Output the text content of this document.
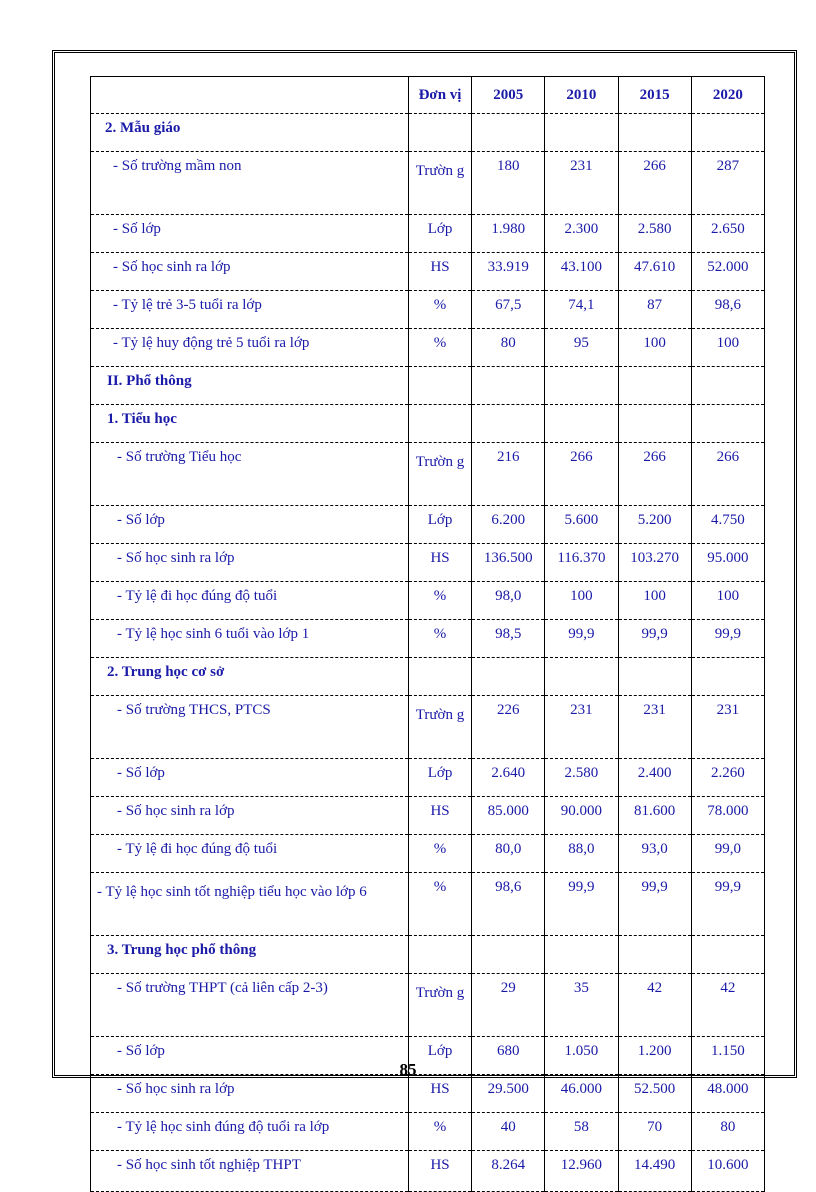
	Đơn vị	2005	2010	2015	2020
2. Mẫu giáo					
- Số trường mầm non	Trườn g	180	231	266	287
- Số lớp	Lớp	1.980	2.300	2.580	2.650
- Số học sinh ra lớp	HS	33.919	43.100	47.610	52.000
- Tỷ lệ trẻ 3-5 tuổi ra lớp	%	67,5	74,1	87	98,6
- Tỷ lệ huy động trẻ 5 tuổi ra lớp	%	80	95	100	100
II. Phổ thông					
1. Tiểu học					
- Số trường Tiểu học	Trườn g	216	266	266	266
- Số lớp	Lớp	6.200	5.600	5.200	4.750
- Số học sinh ra lớp	HS	136.500	116.370	103.270	95.000
- Tỷ lệ đi học đúng độ tuổi	%	98,0	100	100	100
- Tỷ lệ học sinh 6 tuổi vào lớp 1	%	98,5	99,9	99,9	99,9
2. Trung học cơ sở					
- Số trường THCS, PTCS	Trườn g	226	231	231	231
- Số lớp	Lớp	2.640	2.580	2.400	2.260
- Số học sinh ra lớp	HS	85.000	90.000	81.600	78.000
- Tỷ lệ đi học đúng độ tuổi	%	80,0	88,0	93,0	99,0
- Tỷ lệ học sinh tốt nghiệp tiểu học vào lớp 6	%	98,6	99,9	99,9	99,9
3. Trung học phổ thông					
- Số trường THPT (cả liên cấp 2-3)	Trườn g	29	35	42	42
- Số lớp	Lớp	680	1.050	1.200	1.150
- Số học sinh ra lớp	HS	29.500	46.000	52.500	48.000
- Tỷ lệ học sinh đúng độ tuổi ra lớp	%	40	58	70	80
- Số học sinh tốt nghiệp THPT	HS	8.264	12.960	14.490	10.600
85
